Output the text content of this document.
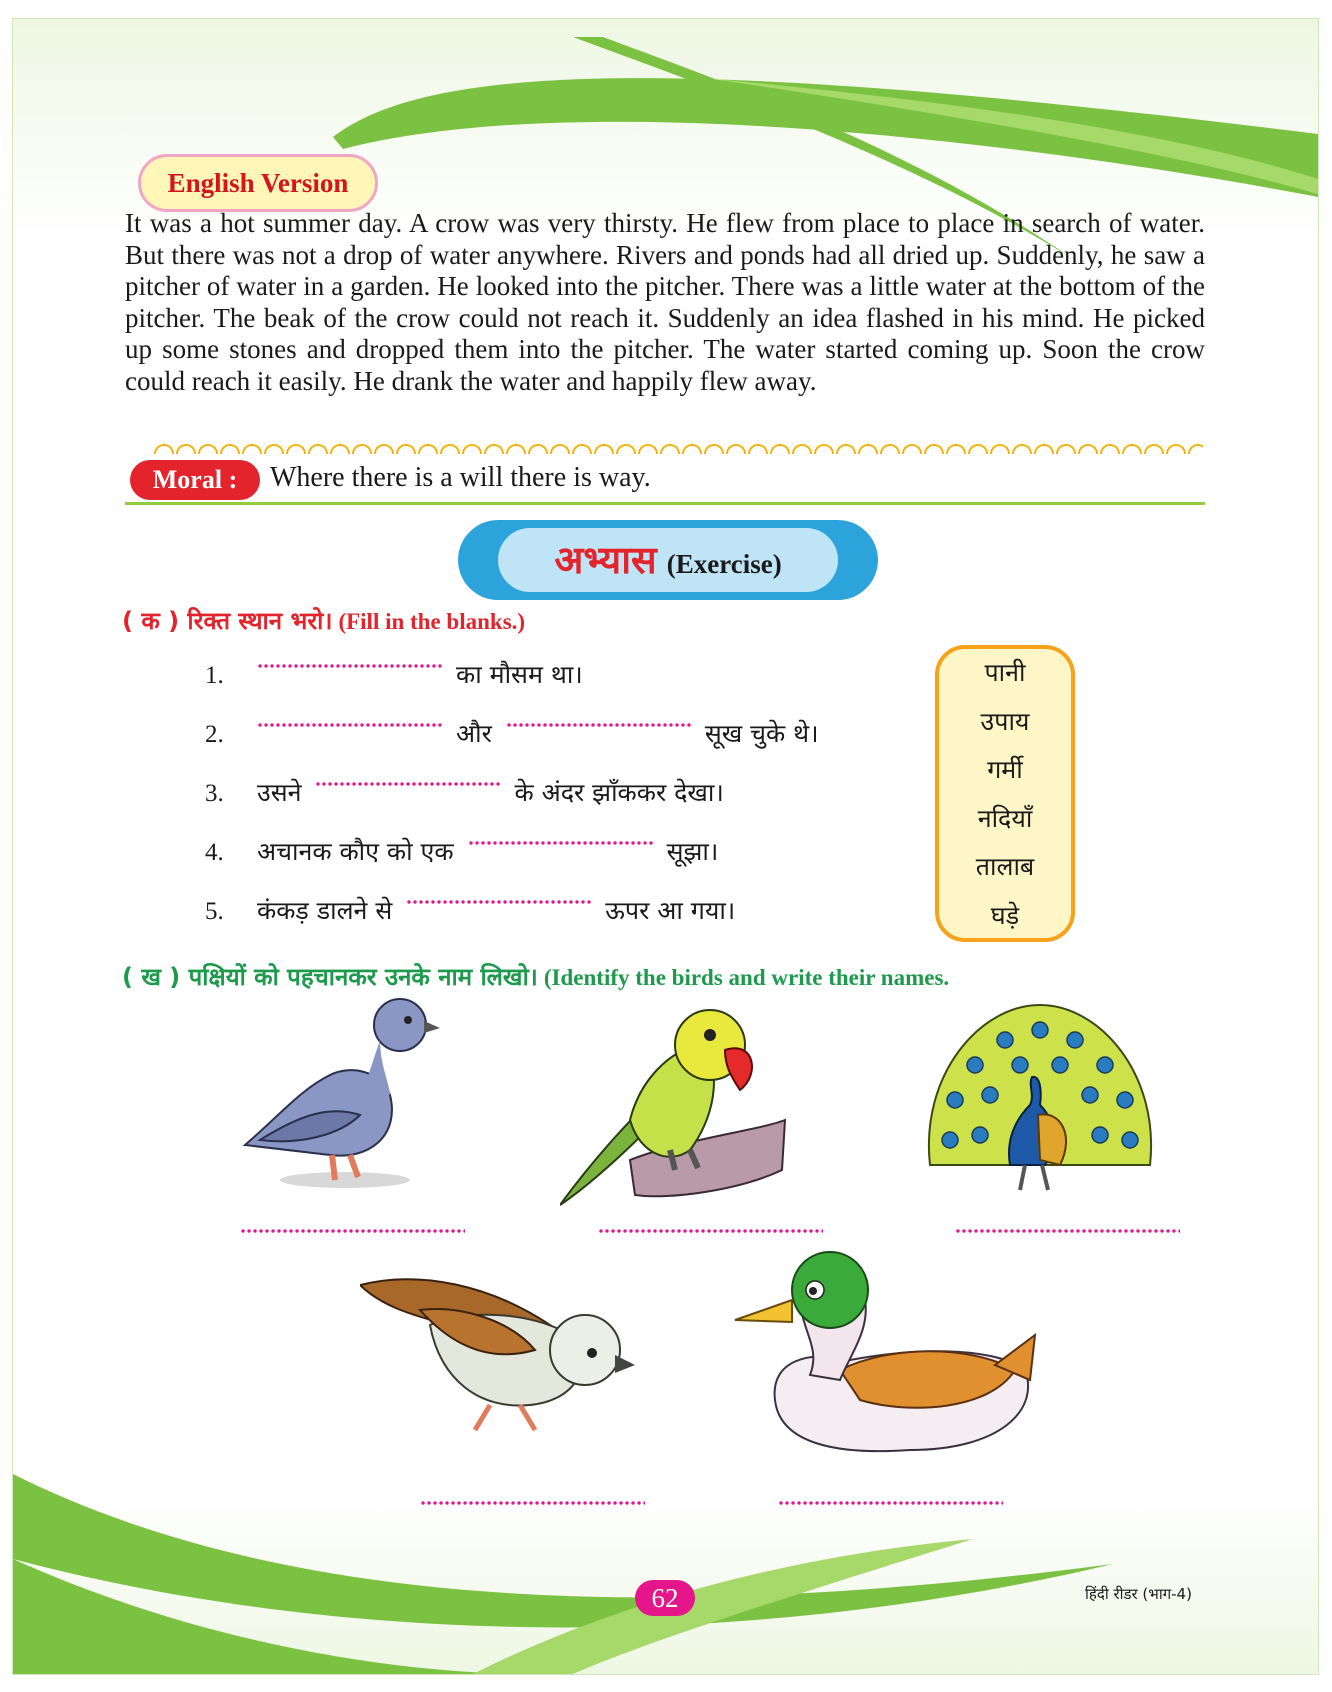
English Version

It was a hot summer day. A crow was very thirsty. He flew from place to place in search of water. But there was not a drop of water anywhere. Rivers and ponds had all dried up. Suddenly, he saw a pitcher of water in a garden. He looked into the pitcher. There was a little water at the bottom of the pitcher. The beak of the crow could not reach it. Suddenly an idea flashed in his mind. He picked up some stones and dropped them into the pitcher. The water started coming up. Soon the crow could reach it easily. He drank the water and happily flew away.

Moral :	Where there is a will there is way.
अभ्यास (Exercise)
( क ) रिक्त स्थान भरो। (Fill in the blanks.)
1.	का मौसम था।
2.	और	सूख चुके थे।
3. उसने	के अंदर झाँककर देखा।
4. अचानक कौए को एक	सूझा।
5. कंकड़ डालने से	ऊपर आ गया।
पानी
उपाय
गर्मी
नदियाँ
तालाब
घड़े
( ख ) पक्षियों को पहचानकर उनके नाम लिखो। (Identify the birds and write their names.
62	हिंदी रीडर (भाग-4)
